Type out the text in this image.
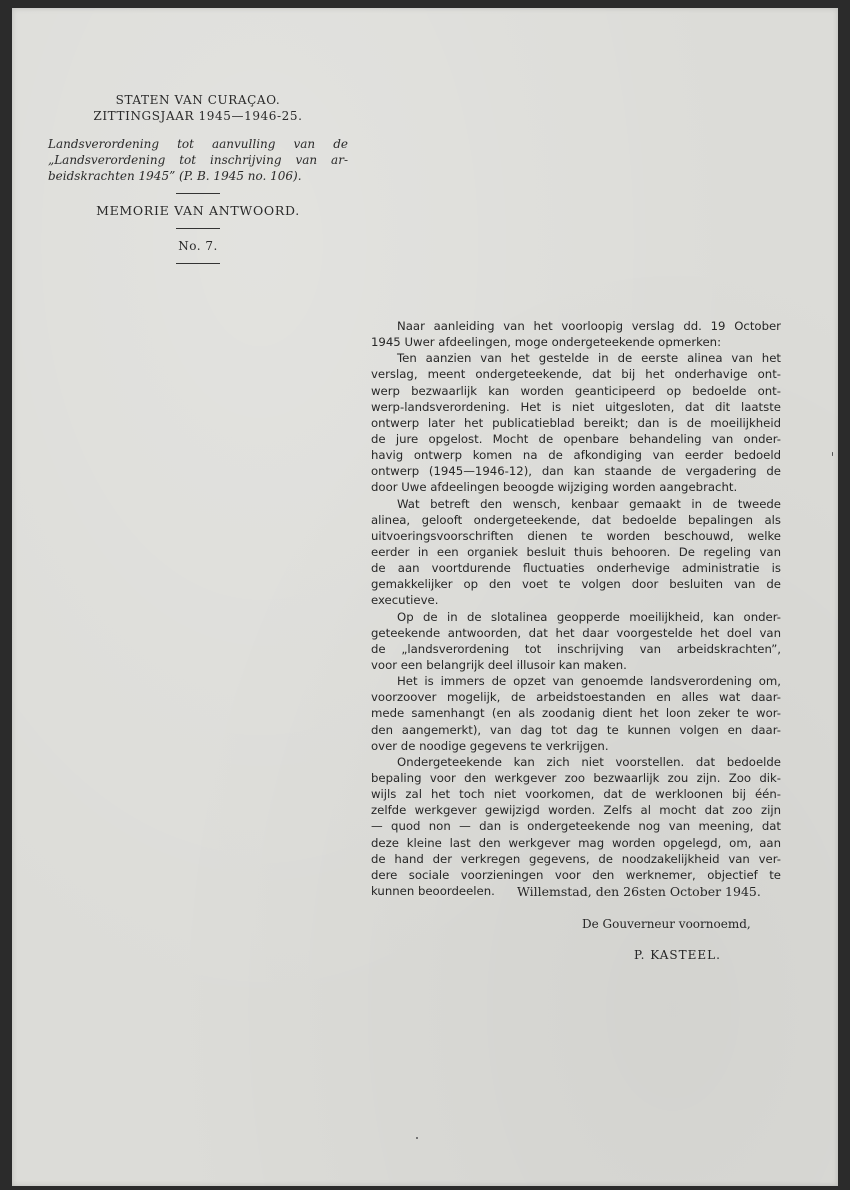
STATEN VAN CURAÇAO.
ZITTINGSJAAR 1945—1946-25.
Landsverordening tot aanvulling van de
„Landsverordening tot inschrijving van ar-
beidskrachten 1945” (P. B. 1945 no. 106).
MEMORIE VAN ANTWOORD.
No. 7.
Naar aanleiding van het voorloopig verslag dd. 19 October
1945 Uwer afdeelingen, moge ondergeteekende opmerken:
Ten aanzien van het gestelde in de eerste alinea van het
verslag, meent ondergeteekende, dat bij het onderhavige ont-
werp bezwaarlijk kan worden geanticipeerd op bedoelde ont-
werp-landsverordening. Het is niet uitgesloten, dat dit laatste
ontwerp later het publicatieblad bereikt; dan is de moeilijkheid
de jure opgelost. Mocht de openbare behandeling van onder-
havig ontwerp komen na de afkondiging van eerder bedoeld
ontwerp (1945—1946-12), dan kan staande de vergadering de
door Uwe afdeelingen beoogde wijziging worden aangebracht.
Wat betreft den wensch, kenbaar gemaakt in de tweede
alinea, gelooft ondergeteekende, dat bedoelde bepalingen als
uitvoeringsvoorschriften dienen te worden beschouwd, welke
eerder in een organiek besluit thuis behooren. De regeling van
de aan voortdurende fluctuaties onderhevige administratie is
gemakkelijker op den voet te volgen door besluiten van de
executieve.
Op de in de slotalinea geopperde moeilijkheid, kan onder-
geteekende antwoorden, dat het daar voorgestelde het doel van
de „landsverordening tot inschrijving van arbeidskrachten”,
voor een belangrijk deel illusoir kan maken.
Het is immers de opzet van genoemde landsverordening om,
voorzoover mogelijk, de arbeidstoestanden en alles wat daar-
mede samenhangt (en als zoodanig dient het loon zeker te wor-
den aangemerkt), van dag tot dag te kunnen volgen en daar-
over de noodige gegevens te verkrijgen.
Ondergeteekende kan zich niet voorstellen. dat bedoelde
bepaling voor den werkgever zoo bezwaarlijk zou zijn. Zoo dik-
wijls zal het toch niet voorkomen, dat de werkloonen bij één-
zelfde werkgever gewijzigd worden. Zelfs al mocht dat zoo zijn
— quod non — dan is ondergeteekende nog van meening, dat
deze kleine last den werkgever mag worden opgelegd, om, aan
de hand der verkregen gegevens, de noodzakelijkheid van ver-
dere sociale voorzieningen voor den werknemer, objectief te
kunnen beoordeelen.	Willemstad, den 26sten October 1945.
De Gouverneur voornoemd,
P. KASTEEL.
